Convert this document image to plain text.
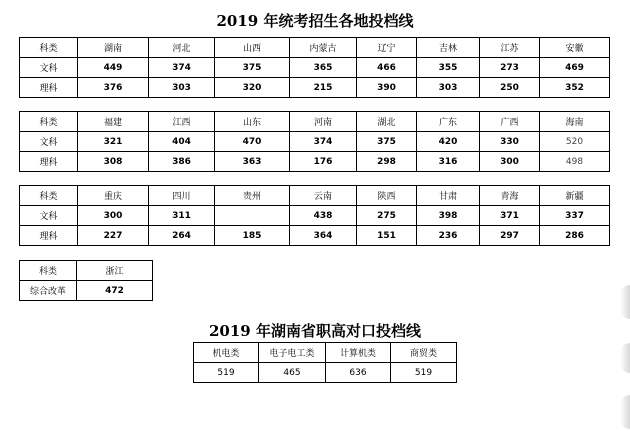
2019 年统考招生各地投档线
科类	湖南	河北	山西	内蒙古	辽宁	吉林	江苏	安徽
文科	449	374	375	365	466	355	273	469
理科	376	303	320	215	390	303	250	352
科类	福建	江西	山东	河南	湖北	广东	广西	海南
文科	321	404	470	374	375	420	330	520
理科	308	386	363	176	298	316	300	498
科类	重庆	四川	贵州	云南	陕西	甘肃	青海	新疆
文科	300	311		438	275	398	371	337
理科	227	264	185	364	151	236	297	286
科类	浙江
综合改革	472
2019 年湖南省职高对口投档线
机电类	电子电工类	计算机类	商贸类
519	465	636	519
